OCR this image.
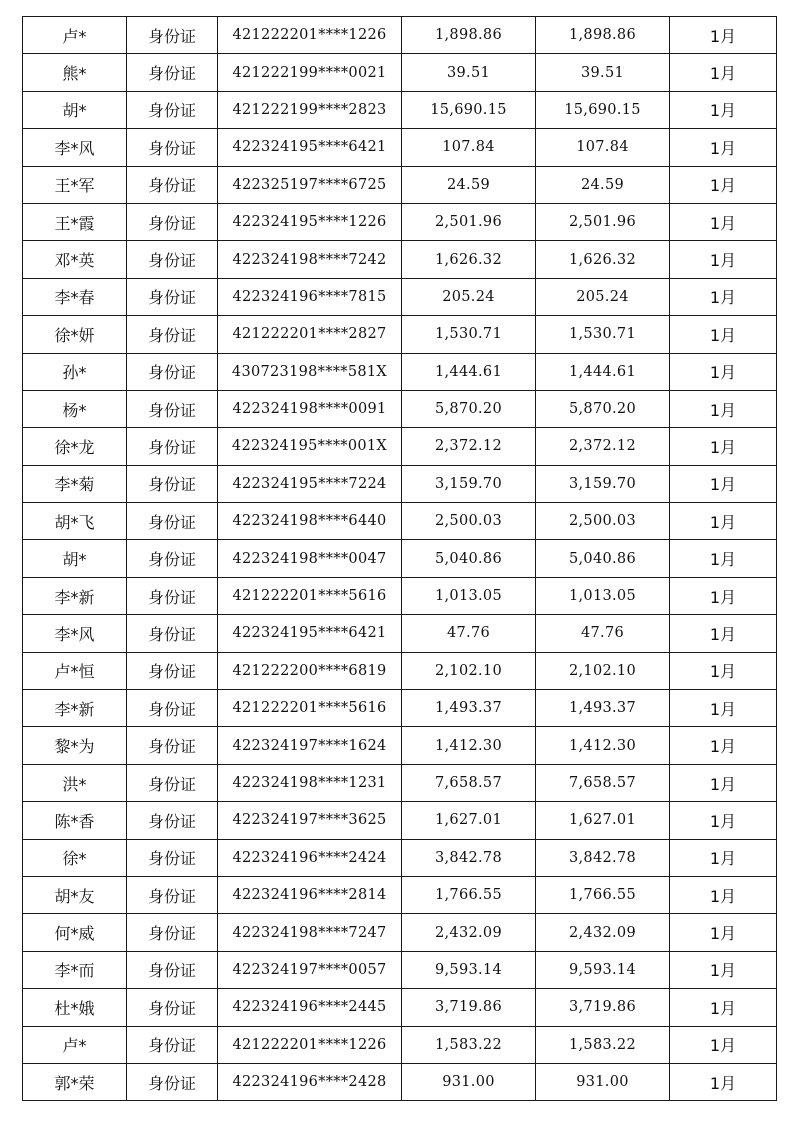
卢*	身份证	421222201****1226	1,898.86	1,898.86	1月
熊*	身份证	421222199****0021	39.51	39.51	1月
胡*	身份证	421222199****2823	15,690.15	15,690.15	1月
李*风	身份证	422324195****6421	107.84	107.84	1月
王*军	身份证	422325197****6725	24.59	24.59	1月
王*霞	身份证	422324195****1226	2,501.96	2,501.96	1月
邓*英	身份证	422324198****7242	1,626.32	1,626.32	1月
李*春	身份证	422324196****7815	205.24	205.24	1月
徐*妍	身份证	421222201****2827	1,530.71	1,530.71	1月
孙*	身份证	430723198****581X	1,444.61	1,444.61	1月
杨*	身份证	422324198****0091	5,870.20	5,870.20	1月
徐*龙	身份证	422324195****001X	2,372.12	2,372.12	1月
李*菊	身份证	422324195****7224	3,159.70	3,159.70	1月
胡*飞	身份证	422324198****6440	2,500.03	2,500.03	1月
胡*	身份证	422324198****0047	5,040.86	5,040.86	1月
李*新	身份证	421222201****5616	1,013.05	1,013.05	1月
李*风	身份证	422324195****6421	47.76	47.76	1月
卢*恒	身份证	421222200****6819	2,102.10	2,102.10	1月
李*新	身份证	421222201****5616	1,493.37	1,493.37	1月
黎*为	身份证	422324197****1624	1,412.30	1,412.30	1月
洪*	身份证	422324198****1231	7,658.57	7,658.57	1月
陈*香	身份证	422324197****3625	1,627.01	1,627.01	1月
徐*	身份证	422324196****2424	3,842.78	3,842.78	1月
胡*友	身份证	422324196****2814	1,766.55	1,766.55	1月
何*威	身份证	422324198****7247	2,432.09	2,432.09	1月
李*而	身份证	422324197****0057	9,593.14	9,593.14	1月
杜*娥	身份证	422324196****2445	3,719.86	3,719.86	1月
卢*	身份证	421222201****1226	1,583.22	1,583.22	1月
郭*荣	身份证	422324196****2428	931.00	931.00	1月
